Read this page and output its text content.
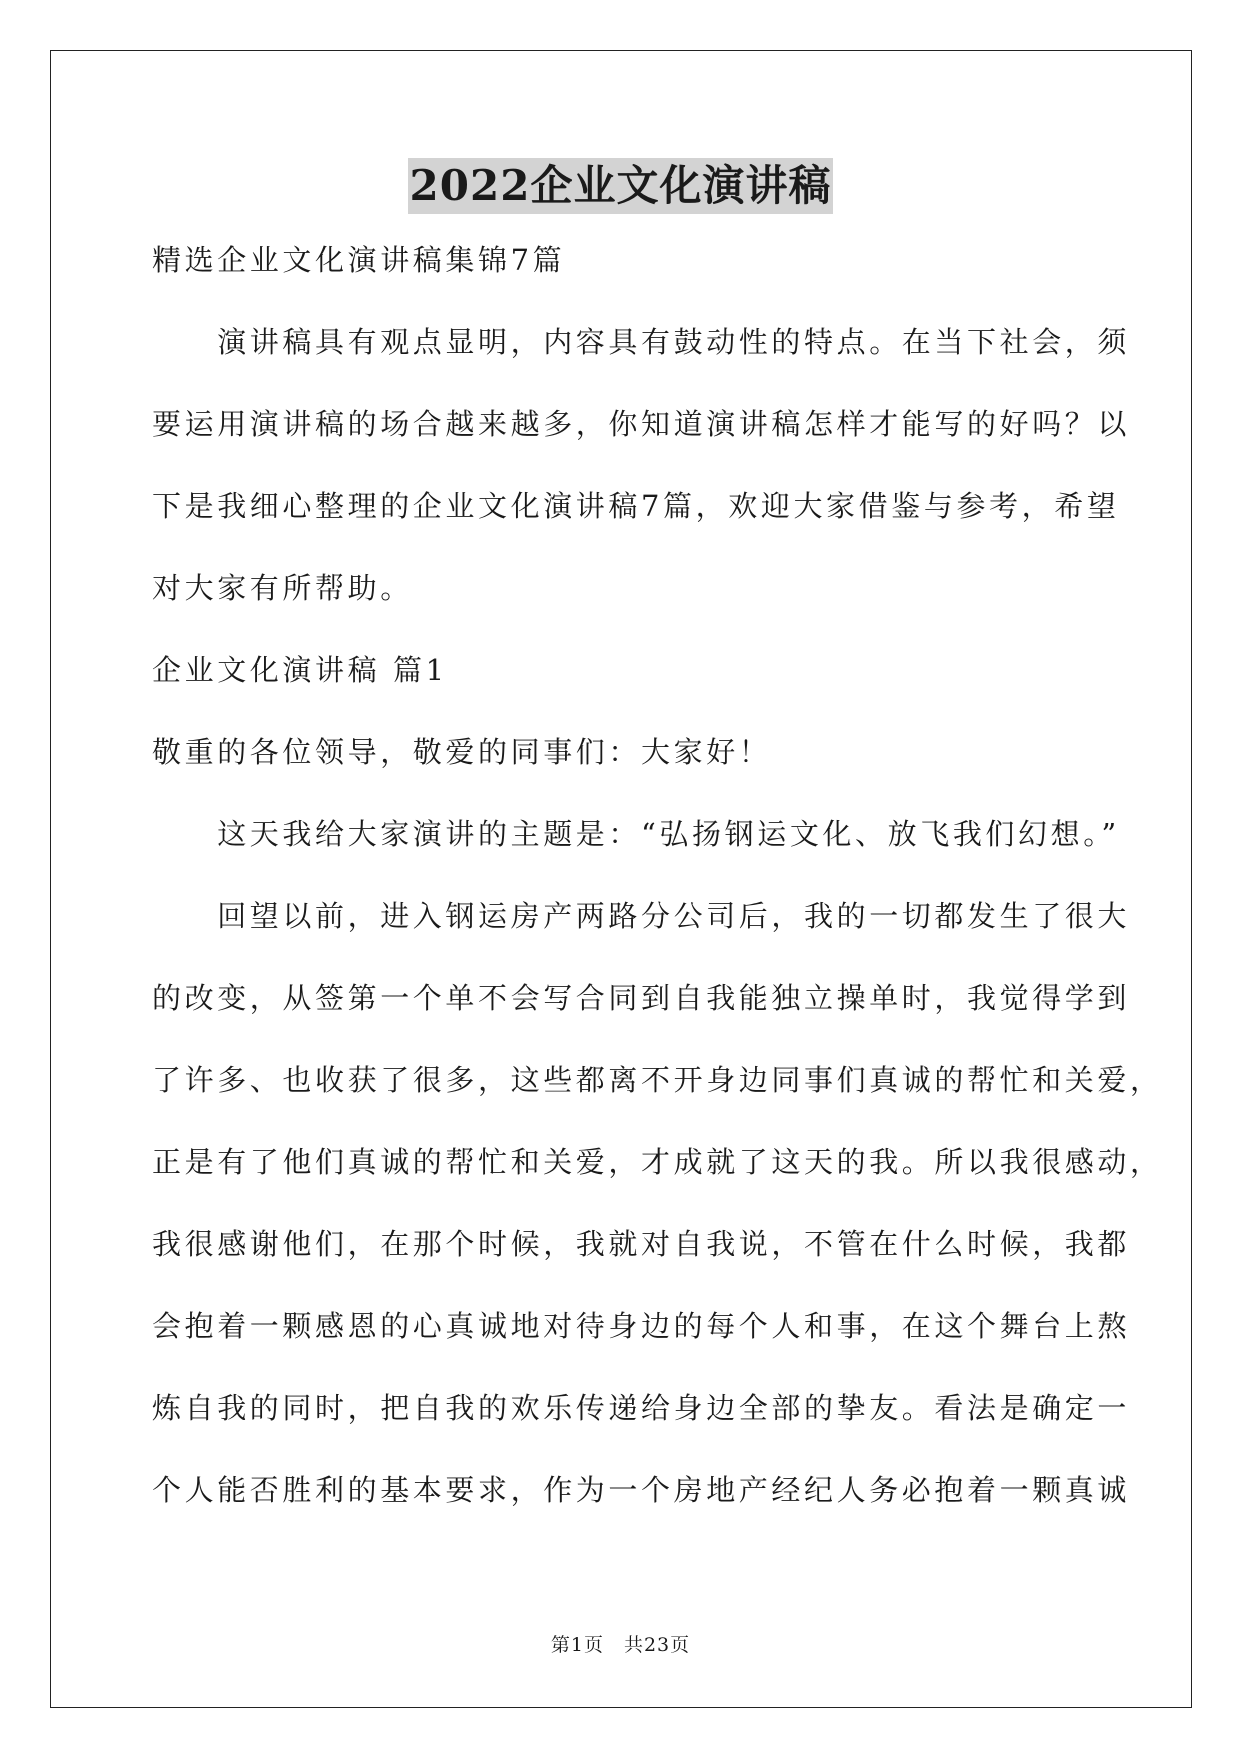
2022企业文化演讲稿
精选企业文化演讲稿集锦7篇
　　演讲稿具有观点显明，内容具有鼓动性的特点。在当下社会，须
要运用演讲稿的场合越来越多，你知道演讲稿怎样才能写的好吗？以
下是我细心整理的企业文化演讲稿7篇，欢迎大家借鉴与参考，希望
对大家有所帮助。
企业文化演讲稿 篇1
敬重的各位领导，敬爱的同事们：大家好！
　　这天我给大家演讲的主题是：“弘扬钢运文化、放飞我们幻想。”
　　回望以前，进入钢运房产两路分公司后，我的一切都发生了很大
的改变，从签第一个单不会写合同到自我能独立操单时，我觉得学到
了许多、也收获了很多，这些都离不开身边同事们真诚的帮忙和关爱，
正是有了他们真诚的帮忙和关爱，才成就了这天的我。所以我很感动，
我很感谢他们，在那个时候，我就对自我说，不管在什么时候，我都
会抱着一颗感恩的心真诚地对待身边的每个人和事，在这个舞台上熬
炼自我的同时，把自我的欢乐传递给身边全部的挚友。看法是确定一
个人能否胜利的基本要求，作为一个房地产经纪人务必抱着一颗真诚
第1页　共23页
